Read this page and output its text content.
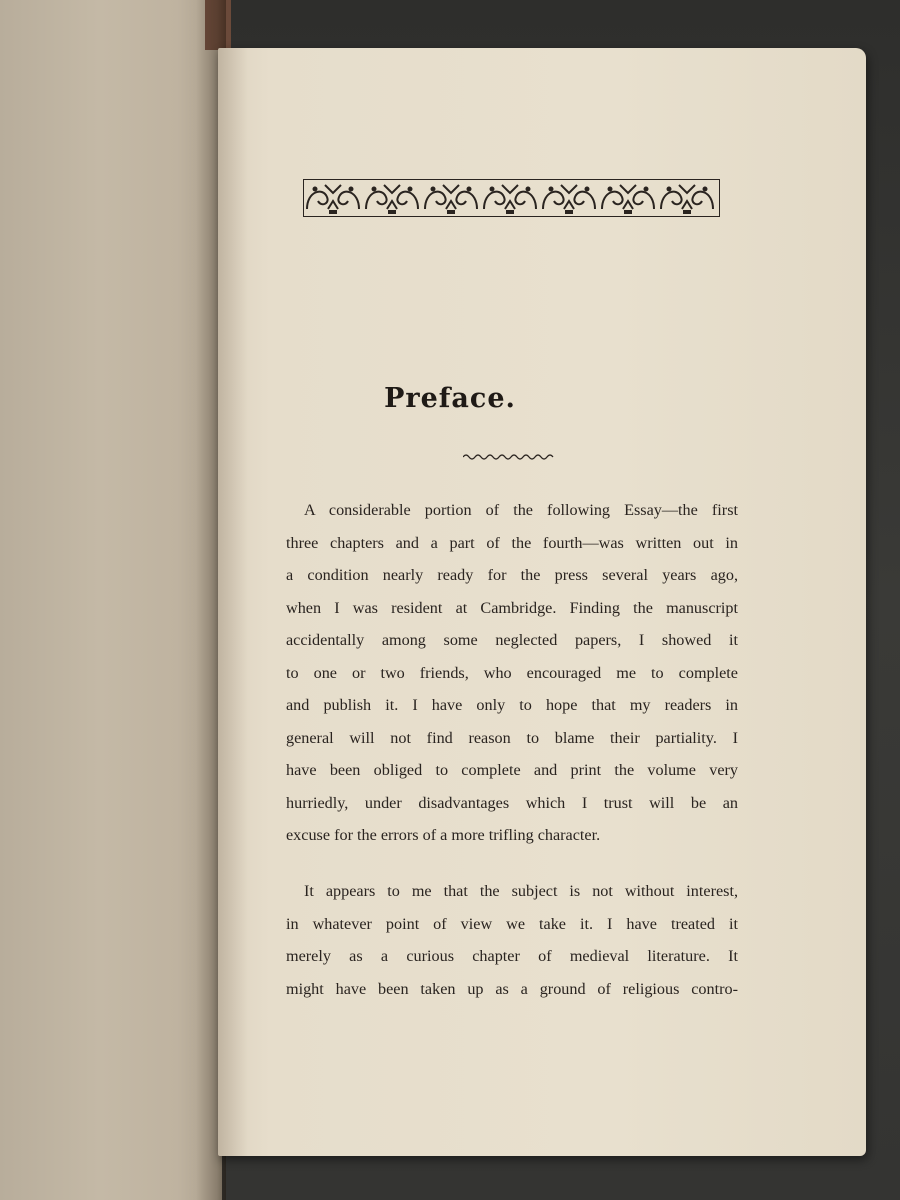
Preface.
A considerable portion of the following Essay—the first
three chapters and a part of the fourth—was written out in
a condition nearly ready for the press several years ago,
when I was resident at Cambridge. Finding the manuscript
accidentally among some neglected papers, I showed it
to one or two friends, who encouraged me to complete
and publish it. I have only to hope that my readers in
general will not find reason to blame their partiality. I
have been obliged to complete and print the volume very
hurriedly, under disadvantages which I trust will be an
excuse for the errors of a more trifling character.
It appears to me that the subject is not without interest,
in whatever point of view we take it. I have treated it
merely as a curious chapter of medieval literature. It
might have been taken up as a ground of religious contro-
